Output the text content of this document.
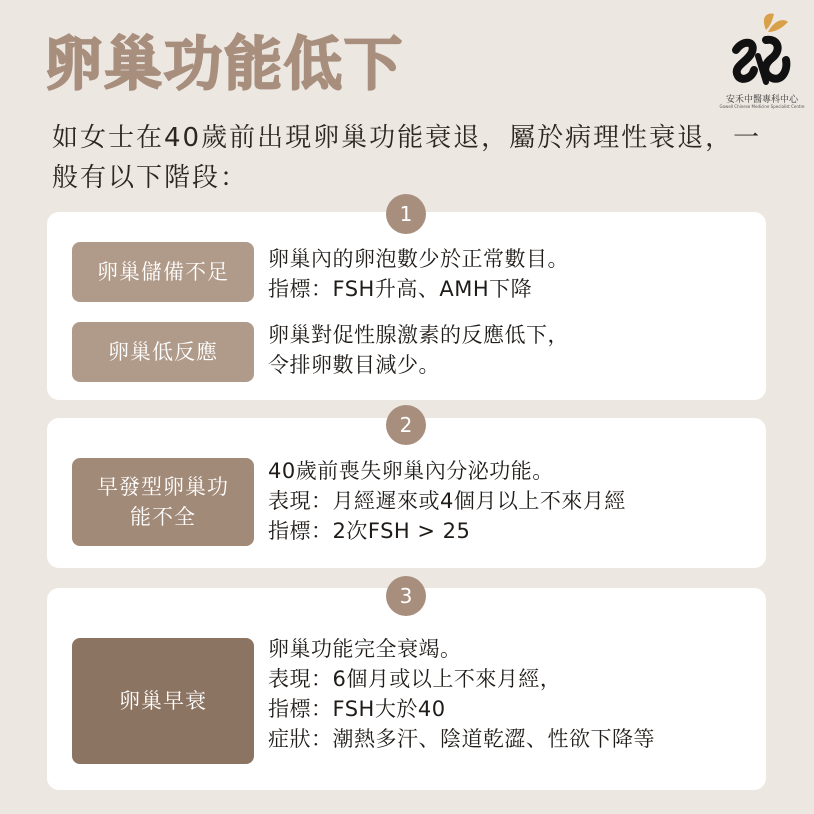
卵巢功能低下
安禾中醫專科中心
Gowell Chinese Medicine Specialist Centre

如女士在40歲前出現卵巢功能衰退，屬於病理性衰退，一般有以下階段：

1
卵巢儲備不足
卵巢內的卵泡數少於正常數目。
指標：FSH升高、AMH下降
卵巢低反應
卵巢對促性腺激素的反應低下，
令排卵數目減少。
2
早發型卵巢功能不全
40歲前喪失卵巢內分泌功能。
表現：月經遲來或4個月以上不來月經
指標：2次FSH > 25
3
卵巢早衰
卵巢功能完全衰竭。
表現：6個月或以上不來月經，
指標：FSH大於40
症狀：潮熱多汗、陰道乾澀、性欲下降等
